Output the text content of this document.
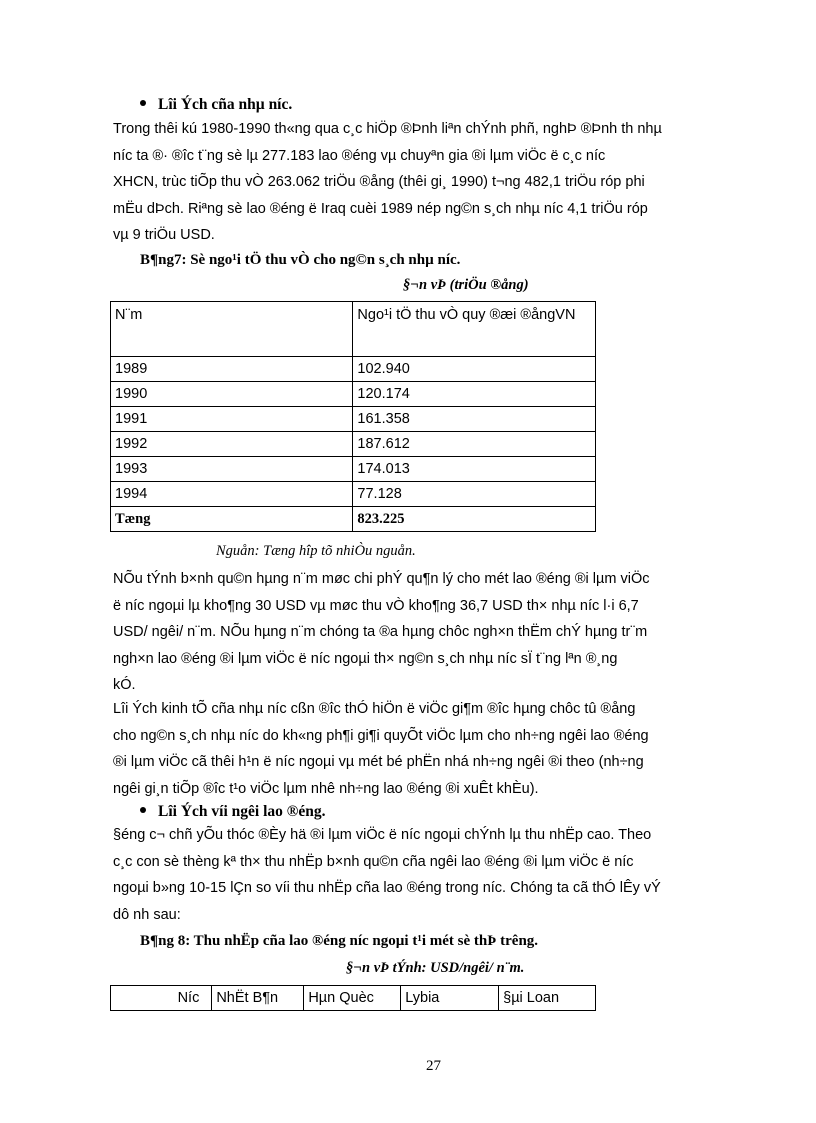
Lîi Ých cña nhµ níc.
Trong thêi kú 1980-1990 th«ng qua c¸c hiÖp ®Þnh liªn chÝnh phñ, nghÞ ®Þnh th nhµ
níc ta ®· ®îc t¨ng sè lµ 277.183 lao ®éng vµ chuyªn gia ®i lµm viÖc ë c¸c níc
XHCN, trùc tiÕp thu vÒ 263.062 triÖu ®ång (thêi gi¸ 1990) t¬ng 482,1 triÖu róp phi
mËu dÞch. Riªng sè lao ®éng ë Iraq cuèi 1989 nép ng©n s¸ch nhµ níc 4,1 triÖu róp
vµ 9 triÖu USD.
B¶ng7: Sè ngo¹i tÖ thu vÒ cho ng©n s¸ch nhµ níc.
§¬n vÞ (triÖu ®ång)
N¨m	Ngo¹i tÖ thu vÒ quy ®æi ®ångVN
1989	102.940
1990	120.174
1991	161.358
1992	187.612
1993	174.013
1994	77.128
Tæng	823.225
Nguån: Tæng hîp tõ nhiÒu nguån.
NÕu tÝnh b×nh qu©n hµng n¨m møc chi phÝ qu¶n lý cho mét lao ®éng ®i lµm viÖc
ë níc ngoµi lµ kho¶ng 30 USD vµ møc thu vÒ kho¶ng 36,7 USD th× nhµ níc l·i 6,7
USD/ ngêi/ n¨m. NÕu hµng n¨m chóng ta ®a hµng chôc ngh×n thËm chÝ hµng tr¨m
ngh×n lao ®éng ®i lµm viÖc ë níc ngoµi th× ng©n s¸ch nhµ níc sÏ t¨ng lªn ®¸ng
kÓ.
Lîi Ých kinh tÕ cña nhµ níc cßn ®îc thÓ hiÖn ë viÖc gi¶m ®îc hµng chôc tû ®ång
cho ng©n s¸ch nhµ níc do kh«ng ph¶i gi¶i quyÕt viÖc lµm cho nh÷ng ngêi lao ®éng
®i lµm viÖc cã thêi h¹n ë níc ngoµi vµ mét bé phËn nhá nh÷ng ngêi ®i theo (nh÷ng
ngêi gi¸n tiÕp ®îc t¹o viÖc lµm nhê nh÷ng lao ®éng ®i xuÊt khÈu).
Lîi Ých víi ngêi lao ®éng.
§éng c¬ chñ yÕu thóc ®Èy hä ®i lµm viÖc ë níc ngoµi chÝnh lµ thu nhËp cao. Theo
c¸c con sè thèng kª th× thu nhËp b×nh qu©n cña ngêi lao ®éng ®i lµm viÖc ë níc
ngoµi b»ng 10-15 lÇn so víi thu nhËp cña lao ®éng trong níc. Chóng ta cã thÓ lÊy vÝ
dô nh sau:
B¶ng 8: Thu nhËp cña lao ®éng níc ngoµi t¹i mét sè thÞ trêng.
§¬n vÞ tÝnh: USD/ngêi/ n¨m.
Níc	NhËt B¶n	Hµn Quèc	Lybia	§µi Loan
27
